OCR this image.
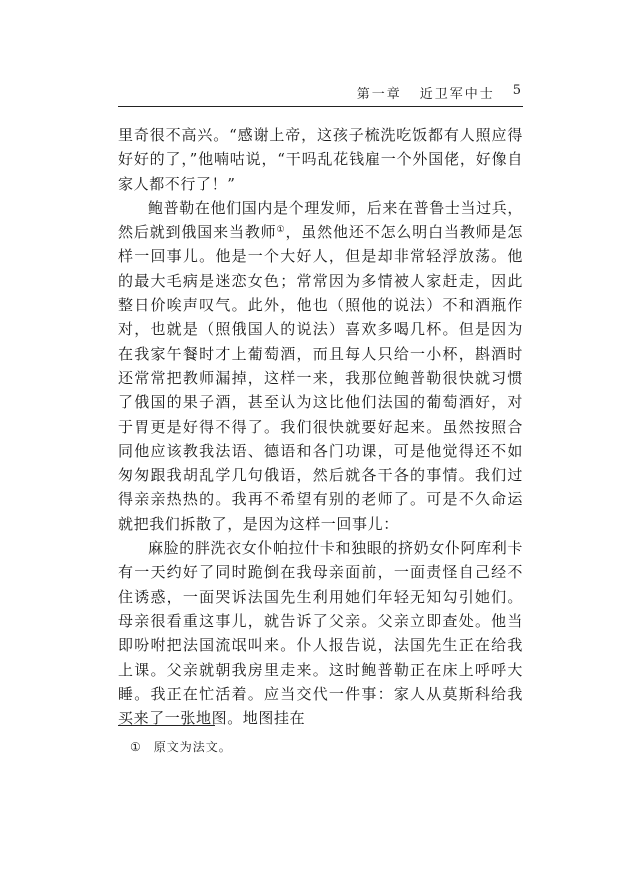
第一章 近卫军中士 5

里奇很不高兴。“感谢上帝，这孩子梳洗吃饭都有人照应得好好的了，”他喃咕说，“干吗乱花钱雇一个外国佬，好像自家人都不行了！”

鲍普勒在他们国内是个理发师，后来在普鲁士当过兵，然后就到俄国来当教师①，虽然他还不怎么明白当教师是怎样一回事儿。他是一个大好人，但是却非常轻浮放荡。他的最大毛病是迷恋女色；常常因为多情被人家赶走，因此整日价唉声叹气。此外，他也（照他的说法）不和酒瓶作对，也就是（照俄国人的说法）喜欢多喝几杯。但是因为在我家午餐时才上葡萄酒，而且每人只给一小杯，斟酒时还常常把教师漏掉，这样一来，我那位鲍普勒很快就习惯了俄国的果子酒，甚至认为这比他们法国的葡萄酒好，对于胃更是好得不得了。我们很快就要好起来。虽然按照合同他应该教我法语、德语和各门功课，可是他觉得还不如匆匆跟我胡乱学几句俄语，然后就各干各的事情。我们过得亲亲热热的。我再不希望有别的老师了。可是不久命运就把我们拆散了，是因为这样一回事儿：

麻脸的胖洗衣女仆帕拉什卡和独眼的挤奶女仆阿库利卡有一天约好了同时跪倒在我母亲面前，一面责怪自己经不住诱惑，一面哭诉法国先生利用她们年轻无知勾引她们。母亲很看重这事儿，就告诉了父亲。父亲立即查处。他当即吩咐把法国流氓叫来。仆人报告说，法国先生正在给我上课。父亲就朝我房里走来。这时鲍普勒正在床上呼呼大睡。我正在忙活着。应当交代一件事：家人从莫斯科给我买来了一张地图。地图挂在

① 原文为法文。
